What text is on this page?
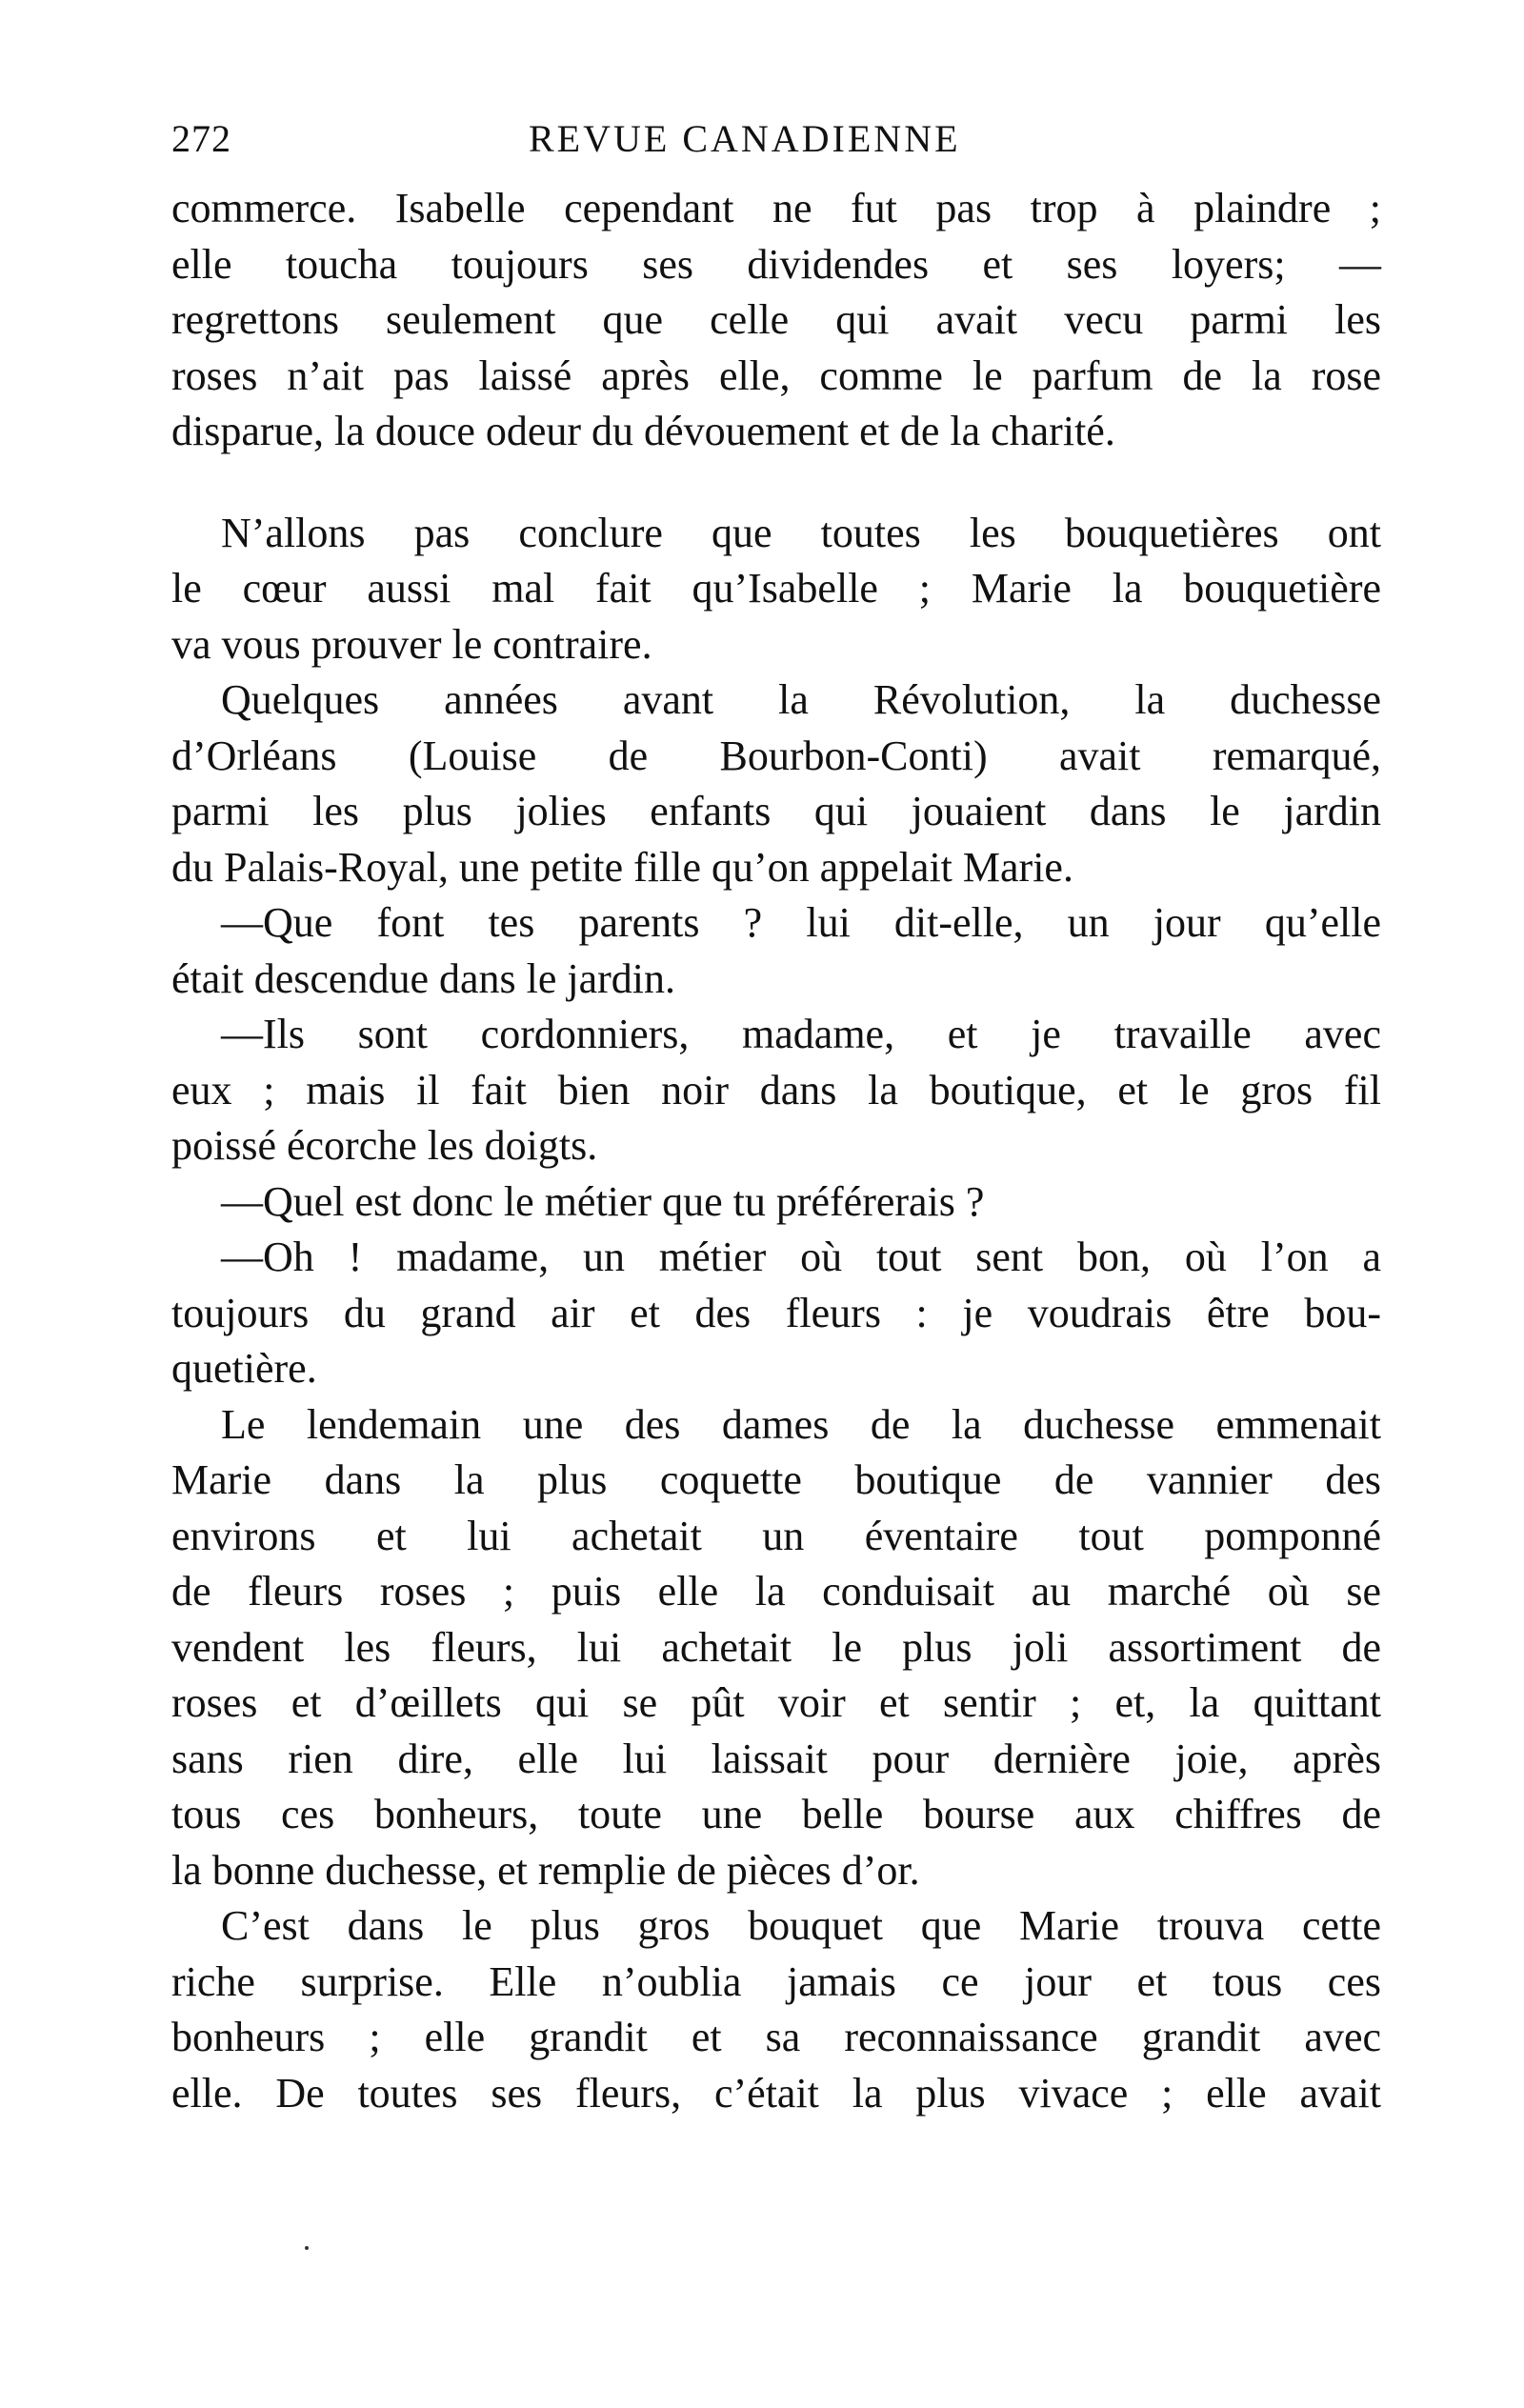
272	REVUE CANADIENNE
commerce. Isabelle cependant ne fut pas trop à plaindre ;
elle toucha toujours ses dividendes et ses loyers; —
regrettons seulement que celle qui avait vecu parmi les
roses n’ait pas laissé après elle, comme le parfum de la rose
disparue, la douce odeur du dévouement et de la charité.
N’allons pas conclure que toutes les bouquetières ont
le cœur aussi mal fait qu’Isabelle ; Marie la bouquetière
va vous prouver le contraire.
Quelques années avant la Révolution, la duchesse
d’Orléans (Louise de Bourbon-Conti) avait remarqué,
parmi les plus jolies enfants qui jouaient dans le jardin
du Palais-Royal, une petite fille qu’on appelait Marie.
—Que font tes parents ? lui dit-elle, un jour qu’elle
était descendue dans le jardin.
—Ils sont cordonniers, madame, et je travaille avec
eux ; mais il fait bien noir dans la boutique, et le gros fil
poissé écorche les doigts.
—Quel est donc le métier que tu préférerais ?
—Oh ! madame, un métier où tout sent bon, où l’on a
toujours du grand air et des fleurs : je voudrais être bou-
quetière.
Le lendemain une des dames de la duchesse emmenait
Marie dans la plus coquette boutique de vannier des
environs et lui achetait un éventaire tout pomponné
de fleurs roses ; puis elle la conduisait au marché où se
vendent les fleurs, lui achetait le plus joli assortiment de
roses et d’œillets qui se pût voir et sentir ; et, la quittant
sans rien dire, elle lui laissait pour dernière joie, après
tous ces bonheurs, toute une belle bourse aux chiffres de
la bonne duchesse, et remplie de pièces d’or.
C’est dans le plus gros bouquet que Marie trouva cette
riche surprise. Elle n’oublia jamais ce jour et tous ces
bonheurs ; elle grandit et sa reconnaissance grandit avec
elle. De toutes ses fleurs, c’était la plus vivace ; elle avait
